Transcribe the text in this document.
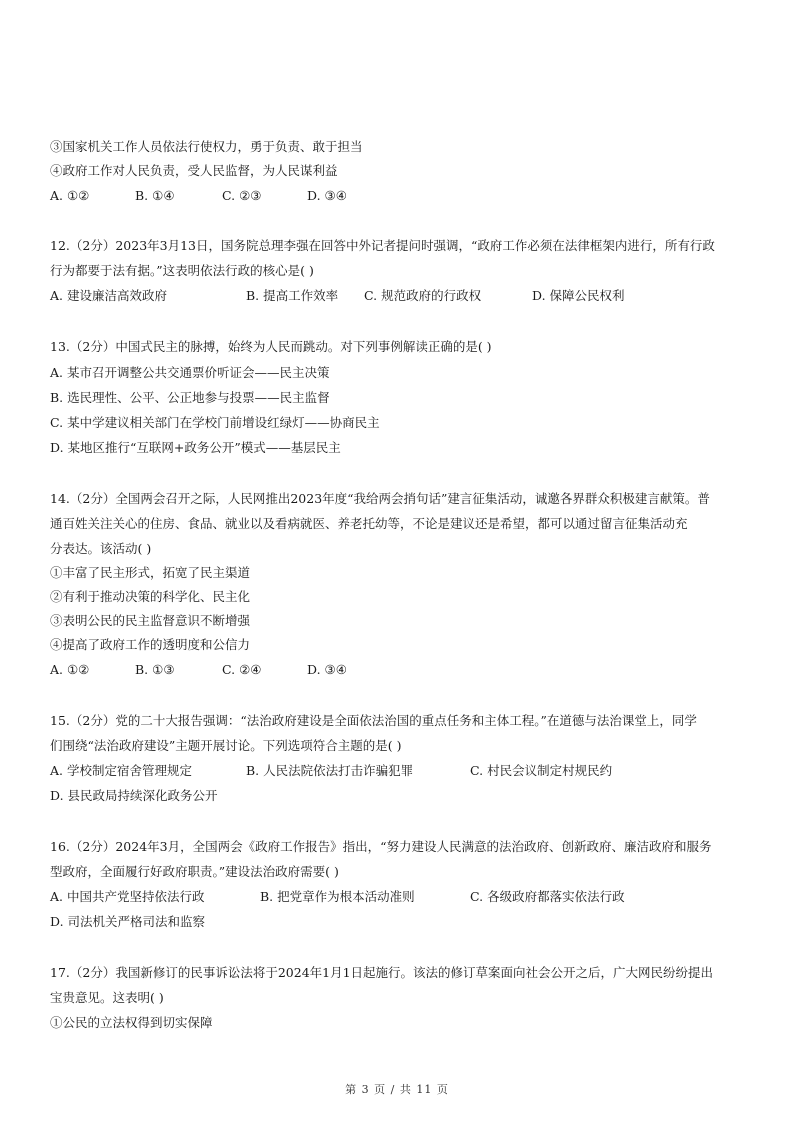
③国家机关工作人员依法行使权力，勇于负责、敢于担当
④政府工作对人民负责，受人民监督，为人民谋利益
A. ①②	B. ①④	C. ②③	D. ③④
12.（2分）2023年3月13日，国务院总理李强在回答中外记者提问时强调，“政府工作必须在法律框架内进行，所有行政
行为都要于法有据。”这表明依法行政的核心是( )
A. 建设廉洁高效政府	B. 提高工作效率 C. 规范政府的行政权	D. 保障公民权利
13.（2分）中国式民主的脉搏，始终为人民而跳动。对下列事例解读正确的是( )
A. 某市召开调整公共交通票价听证会——民主决策
B. 选民理性、公平、公正地参与投票——民主监督
C. 某中学建议相关部门在学校门前增设红绿灯——协商民主
D. 某地区推行“互联网+政务公开”模式——基层民主
14.（2分）全国两会召开之际，人民网推出2023年度“我给两会捎句话”建言征集活动，诚邀各界群众积极建言献策。普
通百姓关注关心的住房、食品、就业以及看病就医、养老托幼等，不论是建议还是希望，都可以通过留言征集活动充
分表达。该活动( )
①丰富了民主形式，拓宽了民主渠道
②有利于推动决策的科学化、民主化
③表明公民的民主监督意识不断增强
④提高了政府工作的透明度和公信力
A. ①②	B. ①③	C. ②④	D. ③④
15.（2分）党的二十大报告强调：“法治政府建设是全面依法治国的重点任务和主体工程。”在道德与法治课堂上，同学
们围绕“法治政府建设”主题开展讨论。下列选项符合主题的是( )
A. 学校制定宿舍管理规定	B. 人民法院依法打击诈骗犯罪	C. 村民会议制定村规民约
D. 县民政局持续深化政务公开
16.（2分）2024年3月，全国两会《政府工作报告》指出，“努力建设人民满意的法治政府、创新政府、廉洁政府和服务
型政府，全面履行好政府职责。”建设法治政府需要( )
A. 中国共产党坚持依法行政	B. 把党章作为根本活动准则	C. 各级政府都落实依法行政
D. 司法机关严格司法和监察
17.（2分）我国新修订的民事诉讼法将于2024年1月1日起施行。该法的修订草案面向社会公开之后，广大网民纷纷提出
宝贵意见。这表明( )
①公民的立法权得到切实保障
第 3 页 / 共 11 页
